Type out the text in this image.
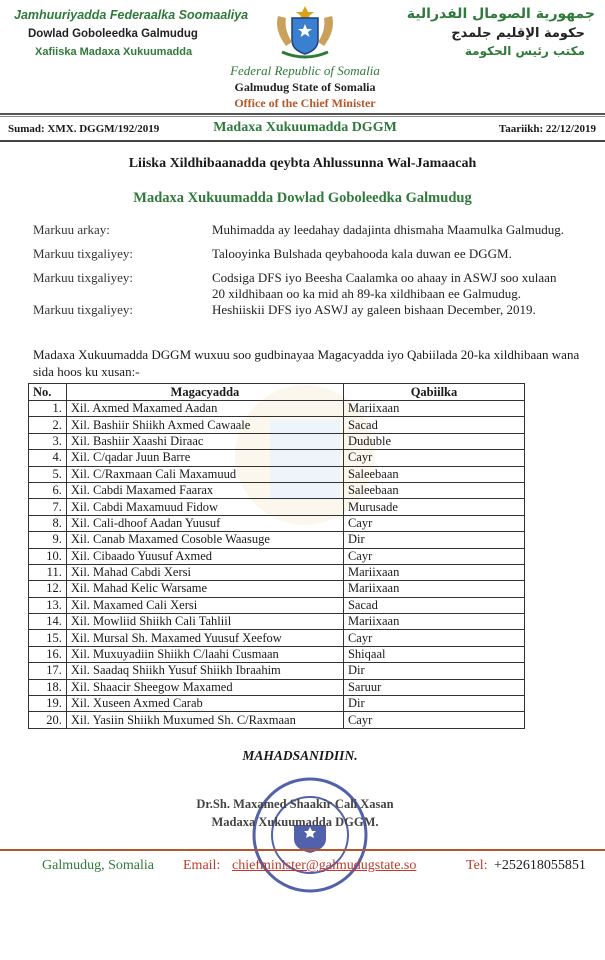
Jamhuuriyadda Federaalka Soomaaliya
Dowlad Goboleedka Galmudug
Xafiiska Madaxa Xukuumadda
جمهورية الصومال الفدرالية
حكومة الإقليم جلمدج
مكتب رئيس الحكومة
Federal Republic of Somalia
Galmudug State of Somalia
Office of the Chief Minister
Sumad: XMX. DGGM/192/2019	Madaxa Xukuumadda DGGM	Taariikh: 22/12/2019
Liiska Xildhibaanadda qeybta Ahlussunna Wal-Jamaacah
Madaxa Xukuumadda Dowlad Goboleedka Galmudug
Markuu arkay:	Muhimadda ay leedahay dadajinta dhismaha Maamulka Galmudug.
Markuu tixgaliyey:	Talooyinka Bulshada qeybahooda kala duwan ee DGGM.
Markuu tixgaliyey:	Codsiga DFS iyo Beesha Caalamka oo ahaay in ASWJ soo xulaan 20 xildhibaan oo ka mid ah 89-ka xildhibaan ee Galmudug.
Markuu tixgaliyey:	Heshiiskii DFS iyo ASWJ ay galeen bishaan December, 2019.
Madaxa Xukuumadda DGGM wuxuu soo gudbinayaa Magacyadda iyo Qabiilada 20-ka xildhibaan wana sida hoos ku xusan:-
No.	Magacyadda	Qabiilka
1.	Xil. Axmed Maxamed Aadan	Mariixaan
2.	Xil. Bashiir Shiikh Axmed Cawaale	Sacad
3.	Xil. Bashiir Xaashi Diraac	Duduble
4.	Xil. C/qadar Juun Barre	Cayr
5.	Xil. C/Raxmaan Cali Maxamuud	Saleebaan
6.	Xil. Cabdi Maxamed Faarax	Saleebaan
7.	Xil. Cabdi Maxamuud Fidow	Murusade
8.	Xil. Cali-dhoof Aadan Yuusuf	Cayr
9.	Xil. Canab Maxamed Cosoble Waasuge	Dir
10.	Xil. Cibaado Yuusuf Axmed	Cayr
11.	Xil. Mahad Cabdi Xersi	Mariixaan
12.	Xil. Mahad Kelic Warsame	Mariixaan
13.	Xil. Maxamed Cali Xersi	Sacad
14.	Xil. Mowliid Shiikh Cali Tahliil	Mariixaan
15.	Xil. Mursal Sh. Maxamed Yuusuf Xeefow	Cayr
16.	Xil. Muxuyadiin Shiikh C/laahi Cusmaan	Shiqaal
17.	Xil. Saadaq Shiikh Yusuf Shiikh Ibraahim	Dir
18.	Xil. Shaacir Sheegow Maxamed	Saruur
19.	Xil. Xuseen Axmed Carab	Dir
20.	Xil. Yasiin Shiikh Muxumed Sh. C/Raxmaan	Cayr
MAHADSANIDIIN.
Dr.Sh. Maxamed Shaakir Cali Xasan
Madaxa Xukuumadda DGGM.
Galmudug, Somalia Email: chiefminister@galmudugstate.so	Tel: +252618055851
